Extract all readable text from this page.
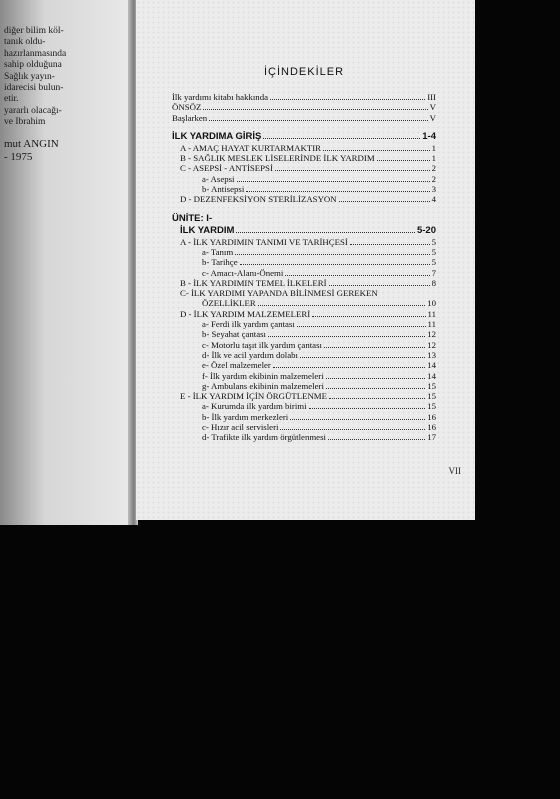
diğer bilim köl-
tanık oldu-
hazırlanmasında
sahip olduğuna
Sağlık yayın-
idarecisi bulun-
etir.
yararlı olacağı-
ve İbrahim
mut ANGIN
- 1975
İÇİNDEKİLER
İlk yardımı kitabı hakkında	III
ÖNSÖZ	V
Başlarken	V
İLK YARDIMA GİRİŞ	1-4
A - AMAÇ HAYAT KURTARMAKTIR	1
B - SAĞLIK MESLEK LİSELERİNDE İLK YARDIM	1
C - ASEPSİ - ANTİSEPSİ	2
a- Asepsi	2
b- Antisepsi	3
D - DEZENFEKSİYON STERİLİZASYON	4
ÜNİTE: I-
İLK YARDIM	5-20
A - İLK YARDIMIN TANIMI VE TARİHÇESİ	5
a- Tanım	5
b- Tarihçe	5
c- Amacı-Alanı-Önemi	7
B - İLK YARDIMIN TEMEL İLKELERİ	8
C- İLK YARDIMI YAPANDA BİLİNMESİ GEREKEN
ÖZELLİKLER	10
D - İLK YARDIM MALZEMELERİ	11
a- Ferdi ilk yardım çantası	11
b- Seyahat çantası	12
c- Motorlu taşıt ilk yardım çantası	12
d- İlk ve acil yardım dolabı	13
e- Özel malzemeler	14
f- İlk yardım ekibinin malzemeleri	14
g- Ambulans ekibinin malzemeleri	15
E - İLK YARDIM İÇİN ÖRGÜTLENME	15
a- Kurumda ilk yardım birimi	15
b- İlk yardım merkezleri	16
c- Hızır acil servisleri	16
d- Trafikte ilk yardım örgütlenmesi	17
VII
